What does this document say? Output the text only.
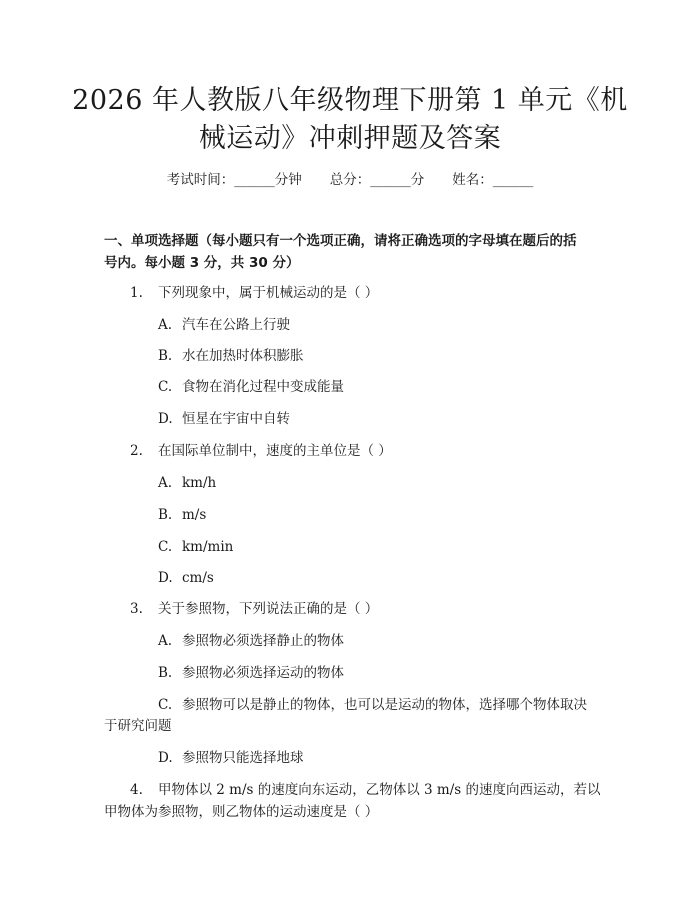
2026 年人教版八年级物理下册第 1 单元《机
械运动》冲刺押题及答案
考试时间：______分钟 总分：______分 姓名：______
一、单项选择题（每小题只有一个选项正确，请将正确选项的字母填在题后的括
号内。每小题 3 分，共 30 分）
1. 下列现象中，属于机械运动的是（ ）
A. 汽车在公路上行驶
B. 水在加热时体积膨胀
C. 食物在消化过程中变成能量
D. 恒星在宇宙中自转
2. 在国际单位制中，速度的主单位是（ ）
A. km/h
B. m/s
C. km/min
D. cm/s
3. 关于参照物，下列说法正确的是（ ）
A. 参照物必须选择静止的物体
B. 参照物必须选择运动的物体
C. 参照物可以是静止的物体，也可以是运动的物体，选择哪个物体取决
于研究问题
D. 参照物只能选择地球
4. 甲物体以 2 m/s 的速度向东运动，乙物体以 3 m/s 的速度向西运动，若以
甲物体为参照物，则乙物体的运动速度是（ ）
